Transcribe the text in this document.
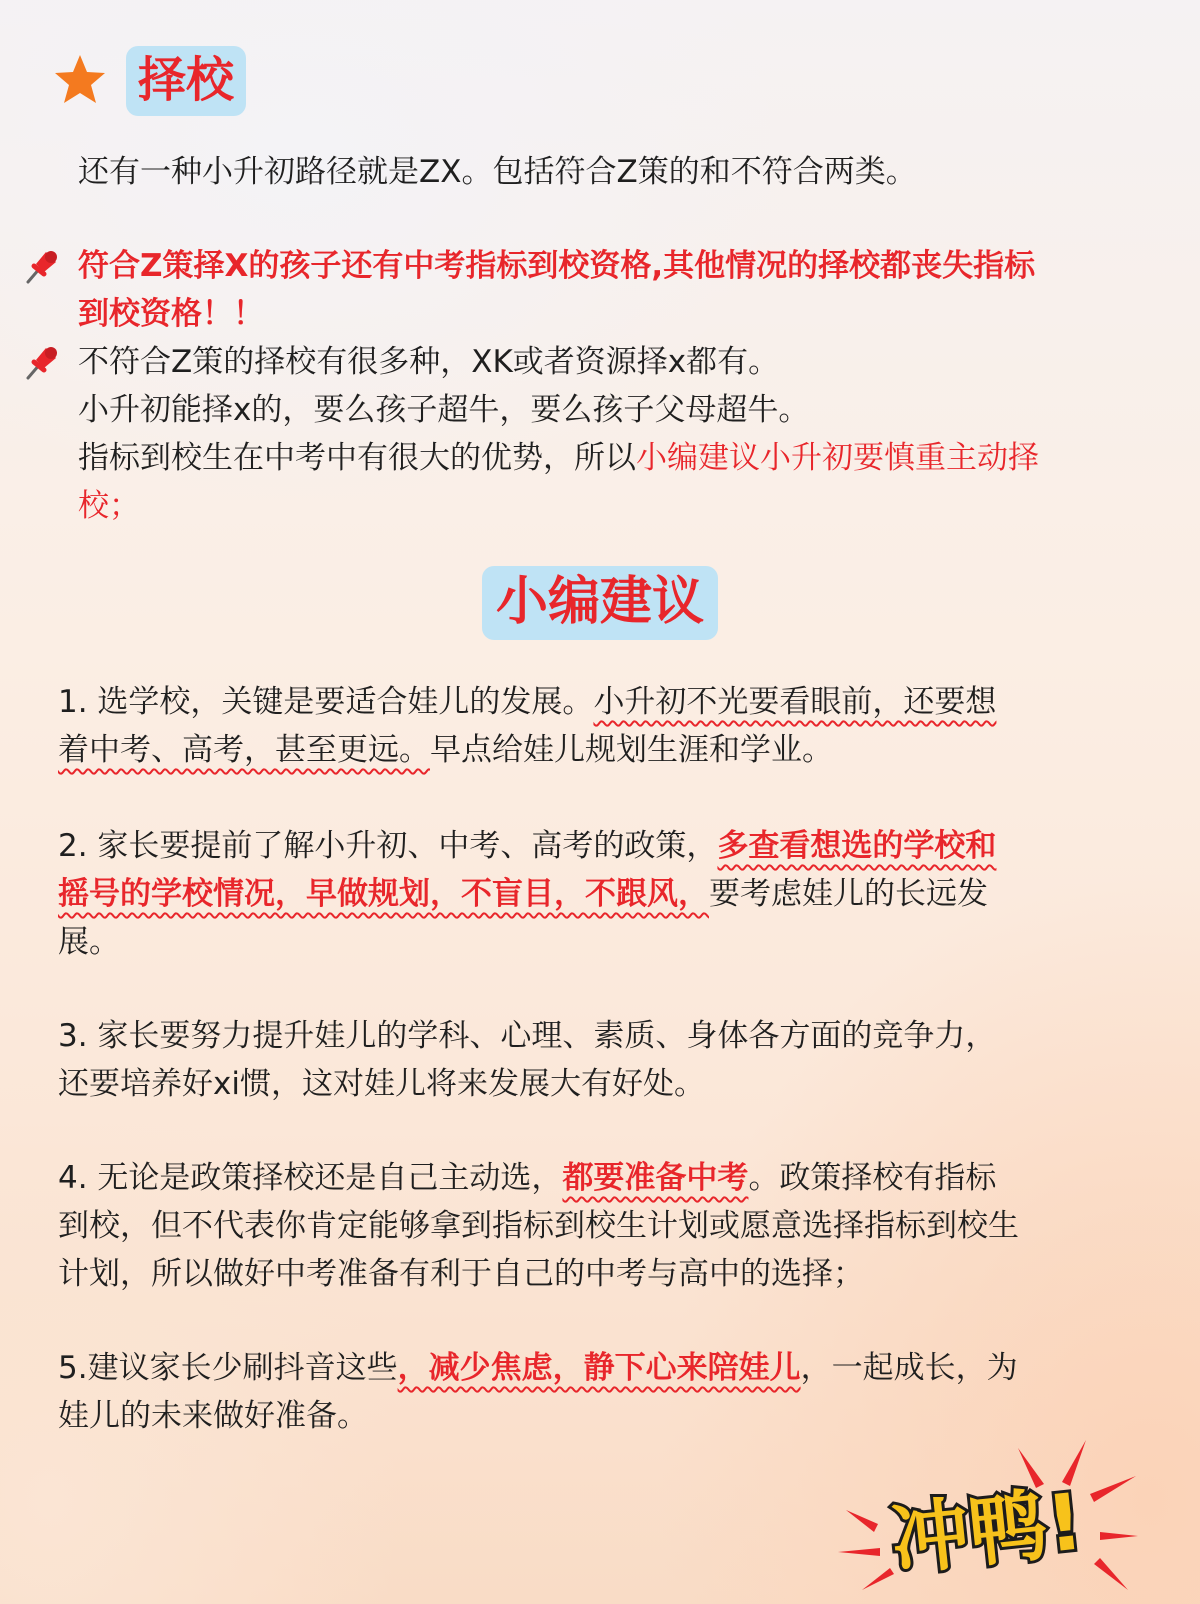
择校

还有一种小升初路径就是ZX。包括符合Z策的和不符合两类。

符合Z策择X的孩子还有中考指标到校资格,其他情况的择校都丧失指标

到校资格！！

不符合Z策的择校有很多种，XK或者资源择x都有。

小升初能择x的，要么孩子超牛，要么孩子父母超牛。

指标到校生在中考中有很大的优势，所以小编建议小升初要慎重主动择

校；

小编建议

1. 选学校，关键是要适合娃儿的发展。小升初不光要看眼前，还要想

着中考、高考，甚至更远。早点给娃儿规划生涯和学业。

2. 家长要提前了解小升初、中考、高考的政策，多查看想选的学校和

摇号的学校情况，早做规划，不盲目，不跟风，要考虑娃儿的长远发

展。

3. 家长要努力提升娃儿的学科、心理、素质、身体各方面的竞争力，

还要培养好xi惯，这对娃儿将来发展大有好处。

4. 无论是政策择校还是自己主动选，都要准备中考。政策择校有指标

到校，但不代表你肯定能够拿到指标到校生计划或愿意选择指标到校生

计划，所以做好中考准备有利于自己的中考与高中的选择；

5.建议家长少刷抖音这些，减少焦虑，静下心来陪娃儿，一起成长，为

娃儿的未来做好准备。

冲鸭!
